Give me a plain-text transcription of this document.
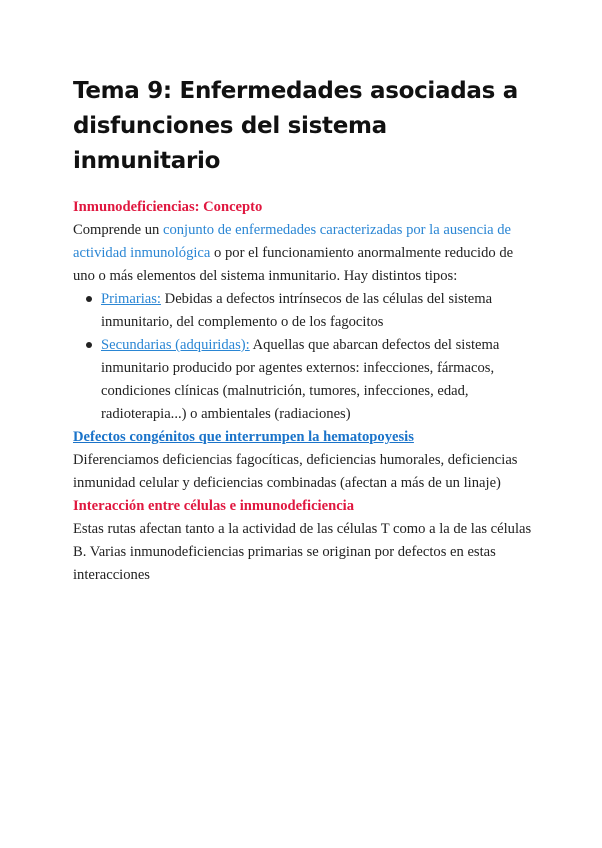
Tema 9: Enfermedades asociadas a disfunciones del sistema inmunitario
Inmunodeficiencias: Concepto

Comprende un conjunto de enfermedades caracterizadas por la ausencia de actividad inmunológica o por el funcionamiento anormalmente reducido de uno o más elementos del sistema inmunitario. Hay distintos tipos:

Primarias: Debidas a defectos intrínsecos de las células del sistema inmunitario, del complemento o de los fagocitos
Secundarias (adquiridas): Aquellas que abarcan defectos del sistema inmunitario producido por agentes externos: infecciones, fármacos, condiciones clínicas (malnutrición, tumores, infecciones, edad, radioterapia...) o ambientales (radiaciones)
Defectos congénitos que interrumpen la hematopoyesis

Diferenciamos deficiencias fagocíticas, deficiencias humorales, deficiencias inmunidad celular y deficiencias combinadas (afectan a más de un linaje)

Interacción entre células e inmunodeficiencia

Estas rutas afectan tanto a la actividad de las células T como a la de las células B. Varias inmunodeficiencias primarias se originan por defectos en estas interacciones
